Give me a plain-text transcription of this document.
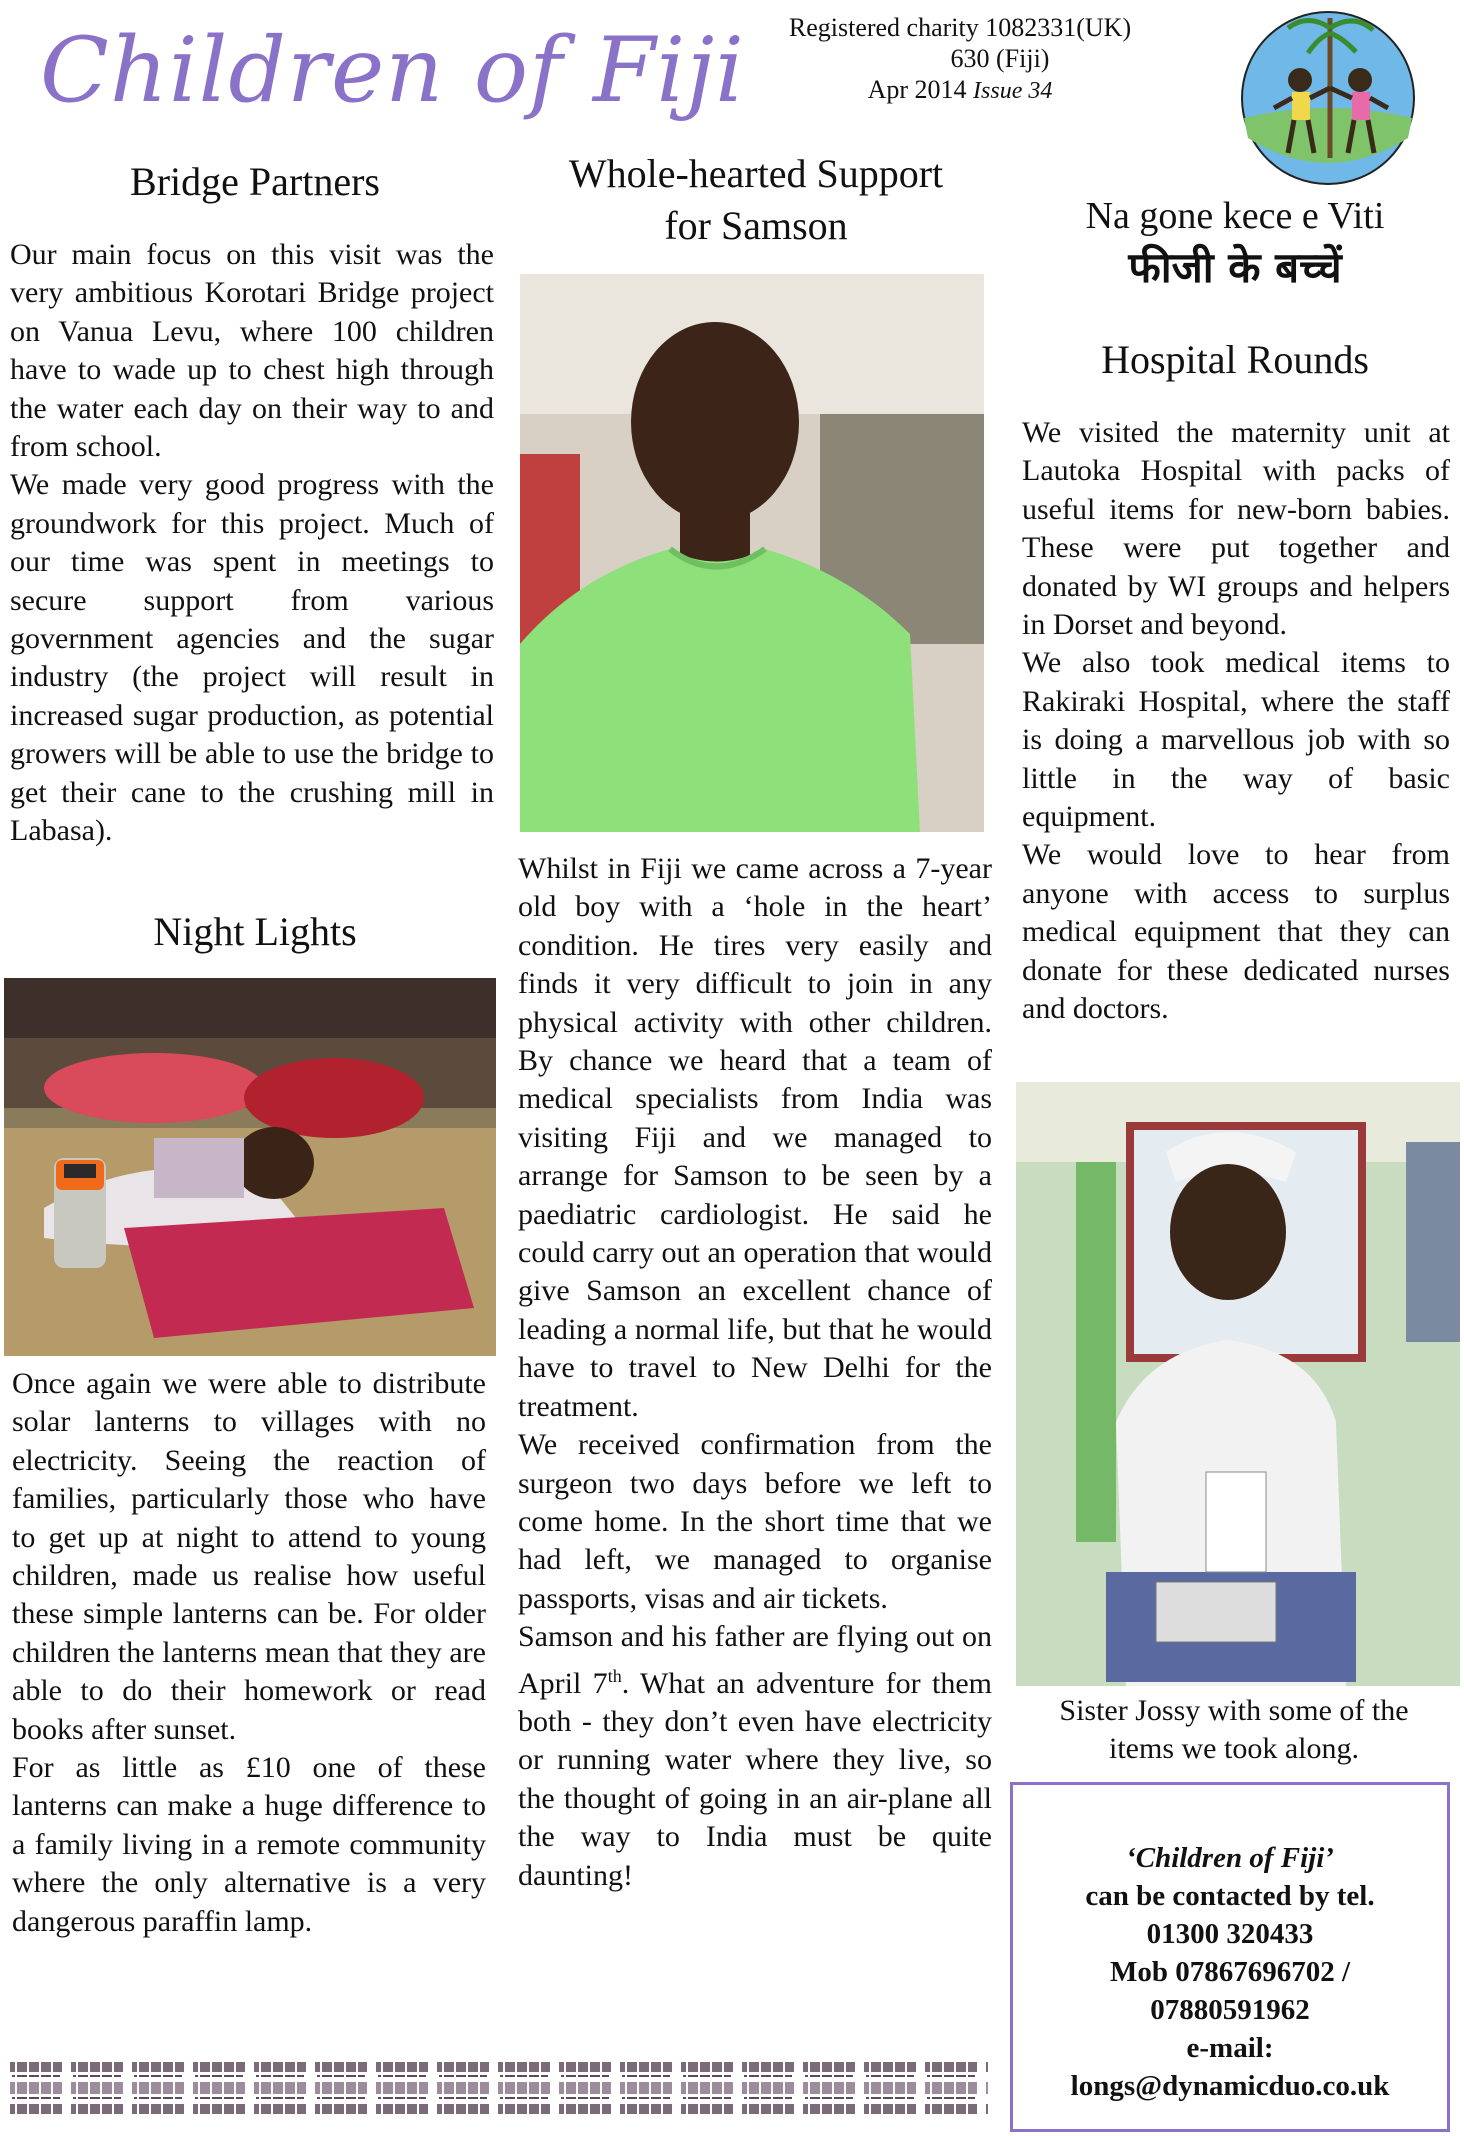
Children of Fiji	Registered charity 1082331(UK)
630 (Fiji)
Apr 2014 Issue 34
Bridge Partners

Our main focus on this visit was the very ambitious Korotari Bridge project on Vanua Levu, where 100 children have to wade up to chest high through the water each day on their way to and from school.

We made very good progress with the groundwork for this project. Much of our time was spent in meetings to secure support from various government agencies and the sugar industry (the project will result in increased sugar production, as potential growers will be able to use the bridge to get their cane to the crushing mill in Labasa).

Night Lights

Once again we were able to distribute solar lanterns to villages with no electricity. Seeing the reaction of families, particularly those who have to get up at night to attend to young children, made us realise how useful these simple lanterns can be. For older children the lanterns mean that they are able to do their homework or read books after sunset.

For as little as £10 one of these lanterns can make a huge difference to a family living in a remote community where the only alternative is a very dangerous paraffin lamp.

Whole-hearted Support
for Samson

Whilst in Fiji we came across a 7-year old boy with a ‘hole in the heart’ condition. He tires very easily and finds it very difficult to join in any physical activity with other children. By chance we heard that a team of medical specialists from India was visiting Fiji and we managed to arrange for Samson to be seen by a paediatric cardiologist. He said he could carry out an operation that would give Samson an excellent chance of leading a normal life, but that he would have to travel to New Delhi for the treatment.

We received confirmation from the surgeon two days before we left to come home. In the short time that we had left, we managed to organise passports, visas and air tickets.

Samson and his father are flying out on April 7th. What an adventure for them both - they don’t even have electricity or running water where they live, so the thought of going in an air-plane all the way to India must be quite daunting!

Na gone kece e Viti
फीजी के बच्चें
Hospital Rounds

We visited the maternity unit at Lautoka Hospital with packs of useful items for new-born babies. These were put together and donated by WI groups and helpers in Dorset and beyond.

We also took medical items to Rakiraki Hospital, where the staff is doing a marvellous job with so little in the way of basic equipment.

We would love to hear from anyone with access to surplus medical equipment that they can donate for these dedicated nurses and doctors.

Sister Jossy with some of the
items we took along.
‘Children of Fiji’
can be contacted by tel.
01300 320433
Mob 07867696702 /
07880591962
e-mail:
longs@dynamicduo.co.uk
